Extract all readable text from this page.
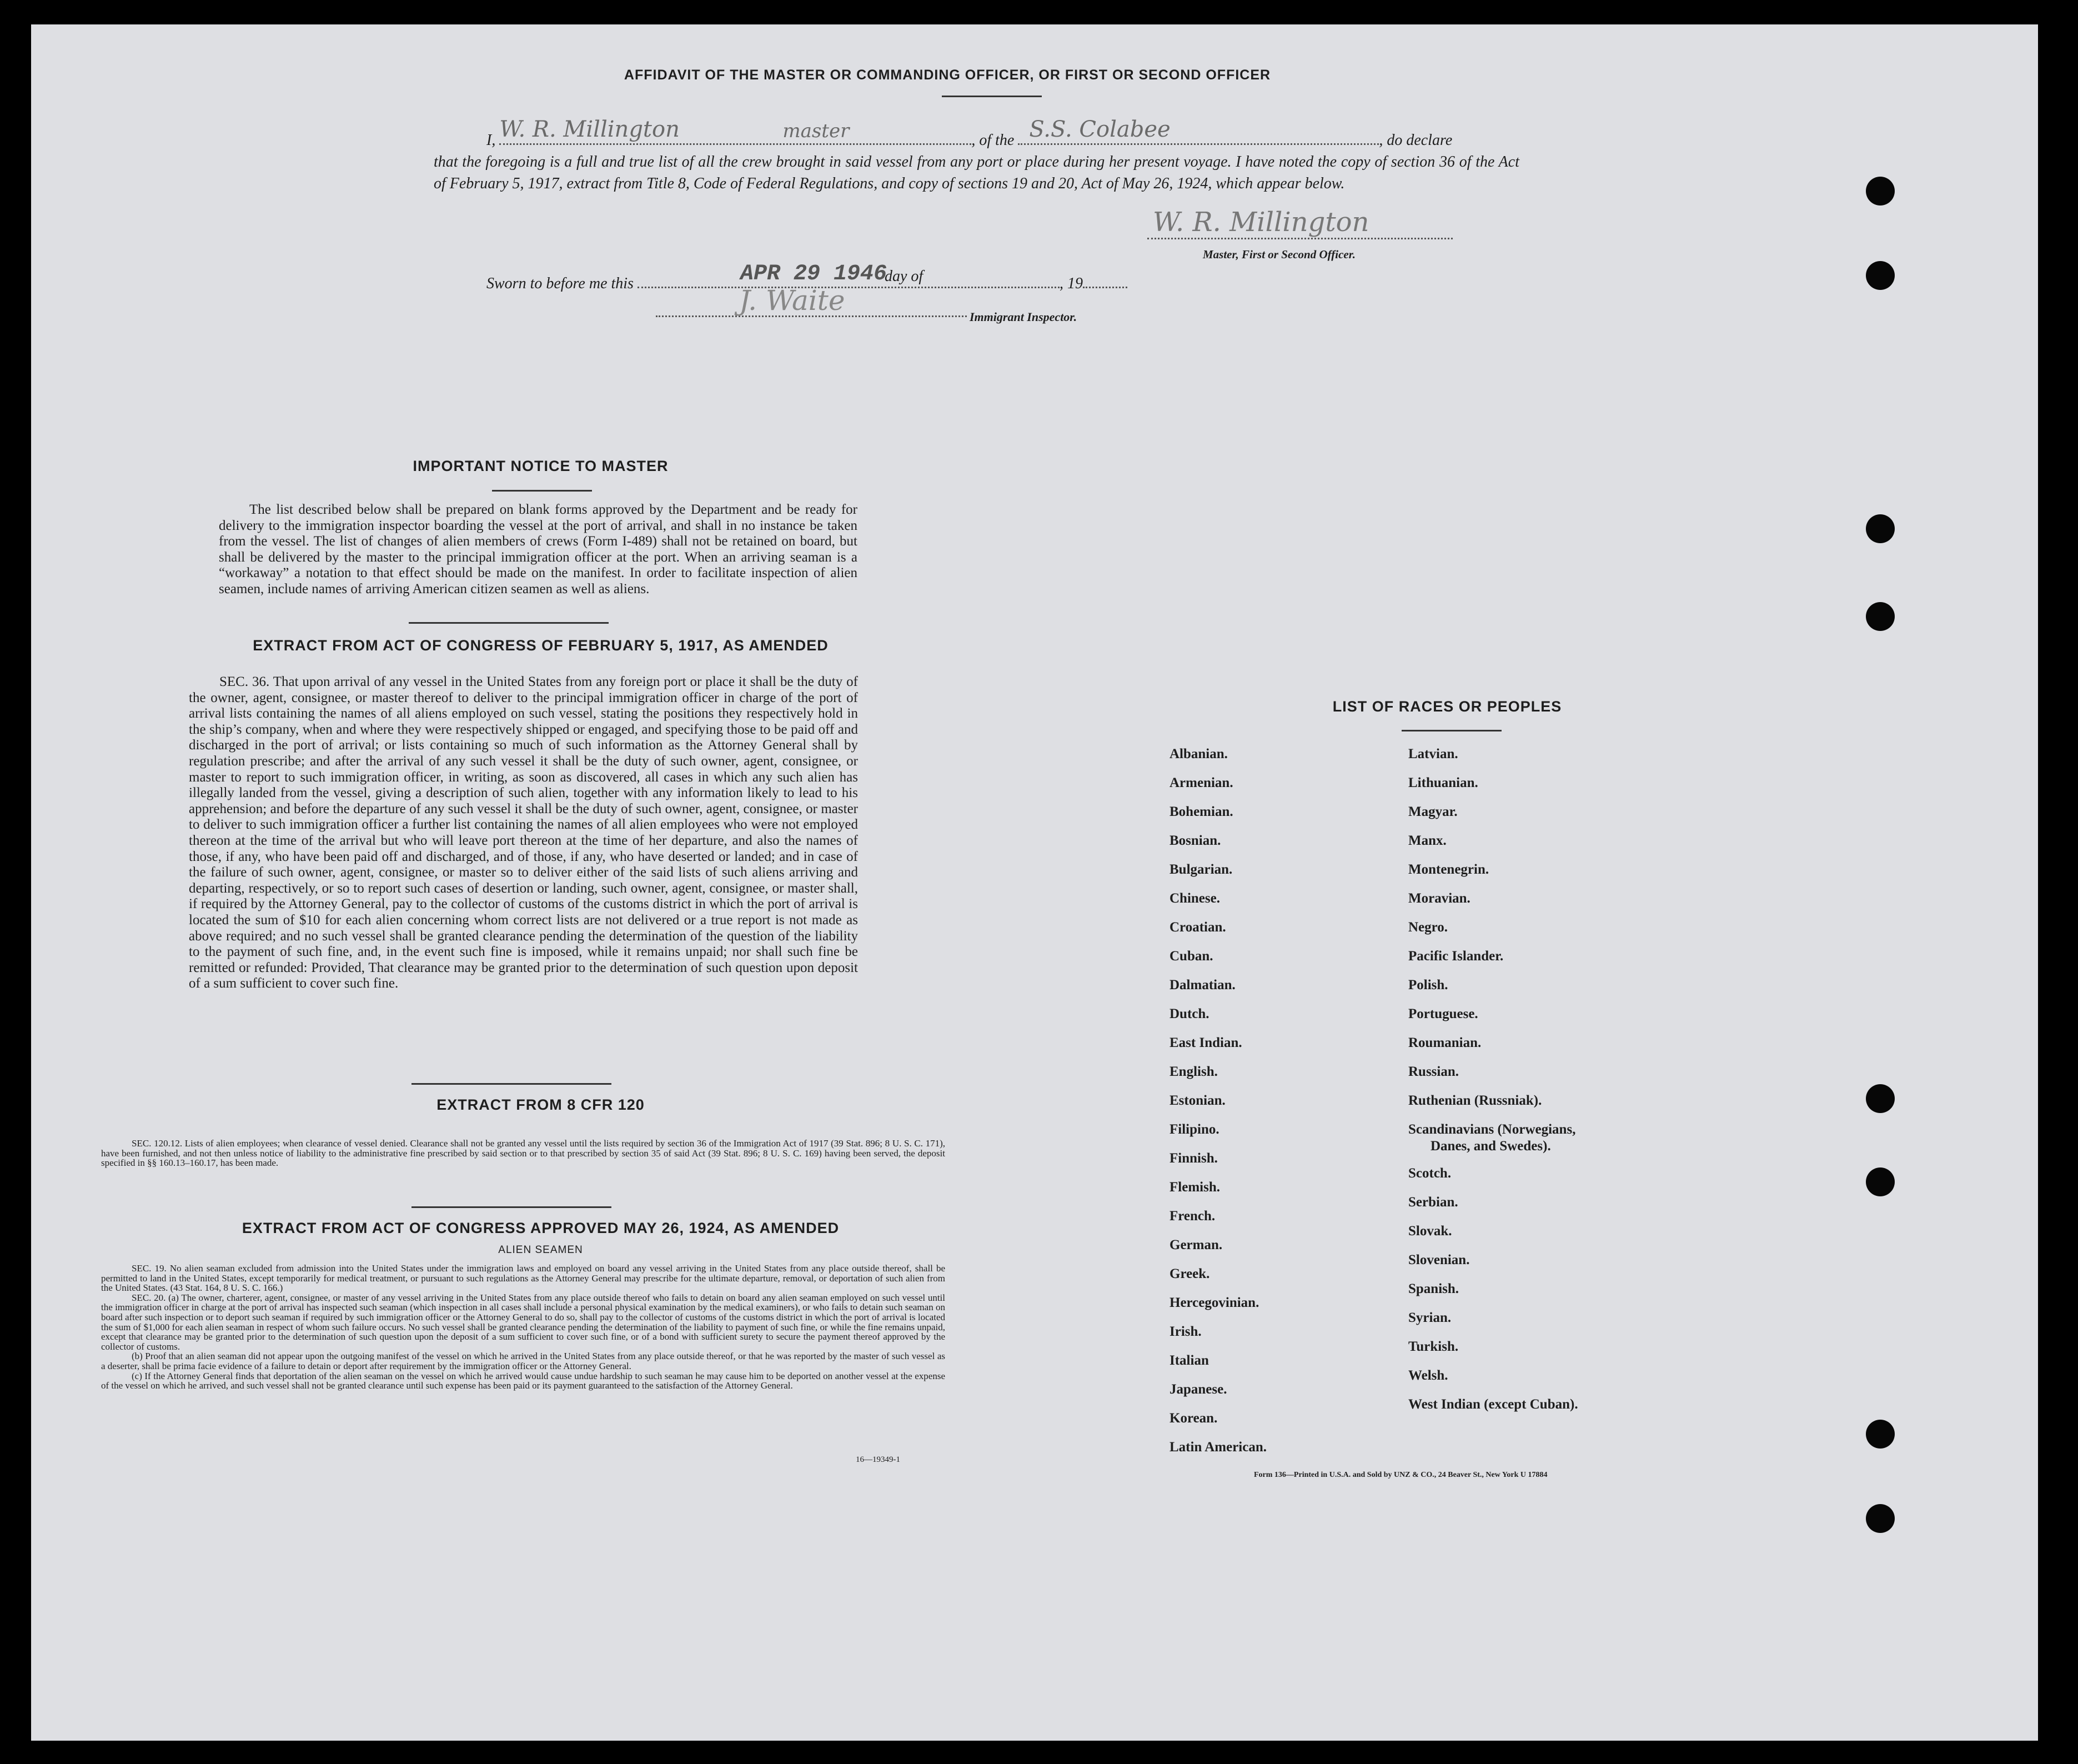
AFFIDAVIT OF THE MASTER OR COMMANDING OFFICER, OR FIRST OR SECOND OFFICER
I, W. R. Millington	master	, of the S.S. Colabee	, do declare
that the foregoing is a full and true list of all the crew brought in said vessel from any port or place during her present voyage. I have noted the copy of section 36 of the Act of February 5, 1917, extract from Title 8, Code of Federal Regulations, and copy of sections 19 and 20, Act of May 26, 1924, which appear below.
W. R. Millington
Master, First or Second Officer.
Sworn to before me this	APR 29 1946
day of	, 19
J. Waite
Immigrant Inspector.
IMPORTANT NOTICE TO MASTER
The list described below shall be prepared on blank forms approved by the Department and be ready for delivery to the immigration inspector boarding the vessel at the port of arrival, and shall in no instance be taken from the vessel. The list of changes of alien members of crews (Form I-489) shall not be retained on board, but shall be delivered by the master to the principal immigration officer at the port. When an arriving seaman is a “workaway” a notation to that effect should be made on the manifest. In order to facilitate inspection of alien seamen, include names of arriving American citizen seamen as well as aliens.
EXTRACT FROM ACT OF CONGRESS OF FEBRUARY 5, 1917, AS AMENDED
SEC. 36. That upon arrival of any vessel in the United States from any foreign port or place it shall be the duty of the owner, agent, consignee, or master thereof to deliver to the principal immigration officer in charge of the port of arrival lists containing the names of all aliens employed on such vessel, stating the positions they respectively hold in the ship’s company, when and where they were respectively shipped or engaged, and specifying those to be paid off and discharged in the port of arrival; or lists containing so much of such information as the Attorney General shall by regulation prescribe; and after the arrival of any such vessel it shall be the duty of such owner, agent, consignee, or master to report to such immigration officer, in writing, as soon as discovered, all cases in which any such alien has illegally landed from the vessel, giving a description of such alien, together with any information likely to lead to his apprehension; and before the departure of any such vessel it shall be the duty of such owner, agent, consignee, or master to deliver to such immigration officer a further list containing the names of all alien employees who were not employed thereon at the time of the arrival but who will leave port thereon at the time of her departure, and also the names of those, if any, who have been paid off and discharged, and of those, if any, who have deserted or landed; and in case of the failure of such owner, agent, consignee, or master so to deliver either of the said lists of such aliens arriving and departing, respectively, or so to report such cases of desertion or landing, such owner, agent, consignee, or master shall, if required by the Attorney General, pay to the collector of customs of the customs district in which the port of arrival is located the sum of $10 for each alien concerning whom correct lists are not delivered or a true report is not made as above required; and no such vessel shall be granted clearance pending the determination of the question of the liability to the payment of such fine, and, in the event such fine is imposed, while it remains unpaid; nor shall such fine be remitted or refunded: Provided, That clearance may be granted prior to the determination of such question upon deposit of a sum sufficient to cover such fine.
EXTRACT FROM 8 CFR 120
SEC. 120.12. Lists of alien employees; when clearance of vessel denied. Clearance shall not be granted any vessel until the lists required by section 36 of the Immigration Act of 1917 (39 Stat. 896; 8 U. S. C. 171), have been furnished, and not then unless notice of liability to the administrative fine prescribed by said section or to that prescribed by section 35 of said Act (39 Stat. 896; 8 U. S. C. 169) having been served, the deposit specified in §§ 160.13–160.17, has been made.
EXTRACT FROM ACT OF CONGRESS APPROVED MAY 26, 1924, AS AMENDED
ALIEN SEAMEN
SEC. 19. No alien seaman excluded from admission into the United States under the immigration laws and employed on board any vessel arriving in the United States from any place outside thereof, shall be permitted to land in the United States, except temporarily for medical treatment, or pursuant to such regulations as the Attorney General may prescribe for the ultimate departure, removal, or deportation of such alien from the United States. (43 Stat. 164, 8 U. S. C. 166.)
SEC. 20. (a) The owner, charterer, agent, consignee, or master of any vessel arriving in the United States from any place outside thereof who fails to detain on board any alien seaman employed on such vessel until the immigration officer in charge at the port of arrival has inspected such seaman (which inspection in all cases shall include a personal physical examination by the medical examiners), or who fails to detain such seaman on board after such inspection or to deport such seaman if required by such immigration officer or the Attorney General to do so, shall pay to the collector of customs of the customs district in which the port of arrival is located the sum of $1,000 for each alien seaman in respect of whom such failure occurs. No such vessel shall be granted clearance pending the determination of the liability to payment of such fine, or while the fine remains unpaid, except that clearance may be granted prior to the determination of such question upon the deposit of a sum sufficient to cover such fine, or of a bond with sufficient surety to secure the payment thereof approved by the collector of customs.
(b) Proof that an alien seaman did not appear upon the outgoing manifest of the vessel on which he arrived in the United States from any place outside thereof, or that he was reported by the master of such vessel as a deserter, shall be prima facie evidence of a failure to detain or deport after requirement by the immigration officer or the Attorney General.
(c) If the Attorney General finds that deportation of the alien seaman on the vessel on which he arrived would cause undue hardship to such seaman he may cause him to be deported on another vessel at the expense of the vessel on which he arrived, and such vessel shall not be granted clearance until such expense has been paid or its payment guaranteed to the satisfaction of the Attorney General.
16—19349-1
LIST OF RACES OR PEOPLES
Albanian.
Armenian.
Bohemian.
Bosnian.
Bulgarian.
Chinese.
Croatian.
Cuban.
Dalmatian.
Dutch.
East Indian.
English.
Estonian.
Filipino.
Finnish.
Flemish.
French.
German.
Greek.
Hercegovinian.
Irish.
Italian
Japanese.
Korean.
Latin American.
Latvian.
Lithuanian.
Magyar.
Manx.
Montenegrin.
Moravian.
Negro.
Pacific Islander.
Polish.
Portuguese.
Roumanian.
Russian.
Ruthenian (Russniak).
Scandinavians (Norwegians,
Danes, and Swedes).
Scotch.
Serbian.
Slovak.
Slovenian.
Spanish.
Syrian.
Turkish.
Welsh.
West Indian (except Cuban).
Form 136—Printed in U.S.A. and Sold by UNZ & CO., 24 Beaver St., New York U 17884
